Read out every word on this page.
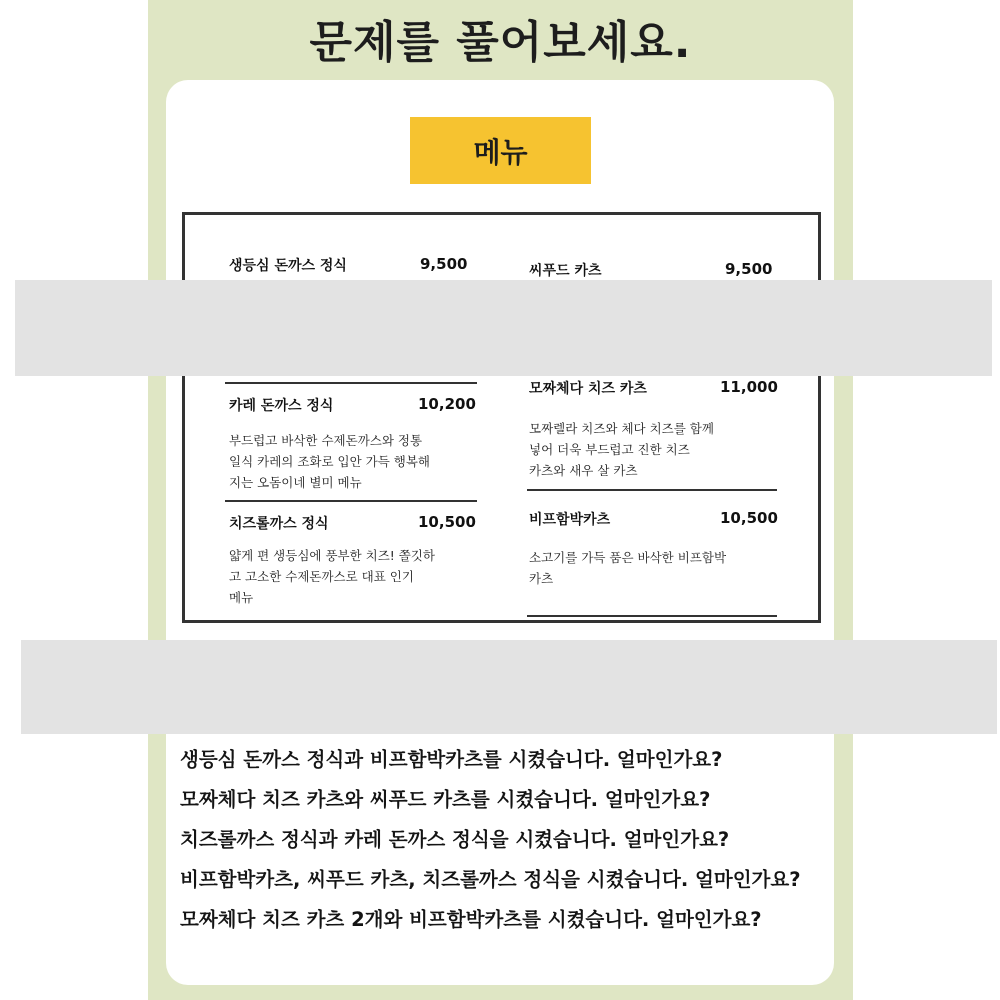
문제를 풀어보세요.
메뉴
생등심 돈까스 정식	9,500
카레 돈까스 정식	10,200
부드럽고 바삭한 수제돈까스와 정통
일식 카레의 조화로 입안 가득 행복해
지는 오돔이네 별미 메뉴
치즈롤까스 정식	10,500
얇게 편 생등심에 풍부한 치즈! 쫄깃하
고 고소한 수제돈까스로 대표 인기
메뉴
씨푸드 카츠	9,500
모짜체다 치즈 카츠	11,000
모짜렐라 치즈와 체다 치즈를 함께
넣어 더욱 부드럽고 진한 치즈
카츠와 새우 살 카츠
비프함박카츠	10,500
소고기를 가득 품은 바삭한 비프함박
카츠
생등심 돈까스 정식과 비프함박카츠를 시켰습니다. 얼마인가요?
모짜체다 치즈 카츠와 씨푸드 카츠를 시켰습니다. 얼마인가요?
치즈롤까스 정식과 카레 돈까스 정식을 시켰습니다. 얼마인가요?
비프함박카츠, 씨푸드 카츠, 치즈롤까스 정식을 시켰습니다. 얼마인가요?
모짜체다 치즈 카츠 2개와 비프함박카츠를 시켰습니다. 얼마인가요?
